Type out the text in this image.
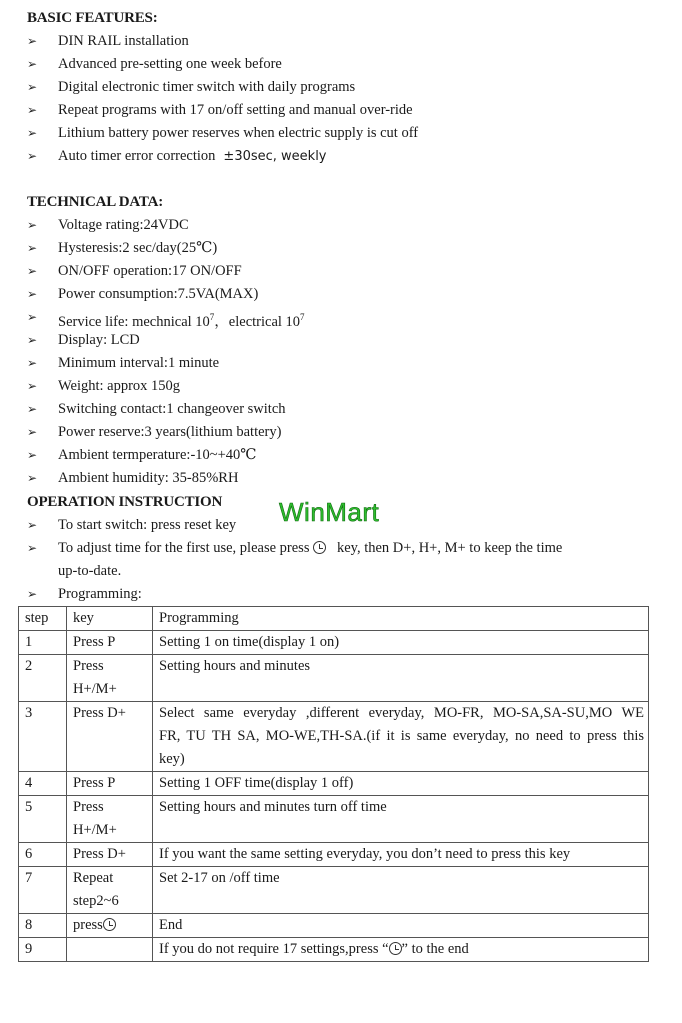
BASIC FEATURES:
➢	DIN RAIL installation
➢	Advanced pre-setting one week before
➢	Digital electronic timer switch with daily programs
➢	Repeat programs with 17 on/off setting and manual over-ride
➢	Lithium battery power reserves when electric supply is cut off
➢	Auto timer error correction ±30sec, weekly
TECHNICAL DATA:
➢	Voltage rating:24VDC
➢	Hysteresis:2 sec/day(25℃)
➢	ON/OFF operation:17 ON/OFF
➢	Power consumption:7.5VA(MAX)
➢	Service life: mechnical $10^7$，electrical $10^7$
➢	Display: LCD
➢	Minimum interval:1 minute
➢	Weight: approx 150g
➢	Switching contact:1 changeover switch
➢	Power reserve:3 years(lithium battery)
➢	Ambient termperature:-10~+40℃
➢	Ambient humidity: 35-85%RH
OPERATION INSTRUCTION WinMart
➢	To start switch: press reset key
➢	To adjust time for the first use, please press key, then D+, H+, M+ to keep the time
up-to-date.
➢	Programming:
step	key	Programming
1	Press P	Setting 1 on time(display 1 on)
2	Press
H+/M+	Setting hours and minutes
3	Press D+	Select same everyday ,different everyday, MO-FR, MO-SA,SA-SU,MO WE
FR, TU TH SA, MO-WE,TH-SA.(if it is same everyday, no need to press this
key)

4	Press P	Setting 1 OFF time(display 1 off)
5	Press
H+/M+	Setting hours and minutes turn off time
6	Press D+	If you want the same setting everyday, you don’t need to press this key
7	Repeat
step2~6	Set 2-17 on /off time
8	press	End
9		If you do not require 17 settings,press “ ” to the end
